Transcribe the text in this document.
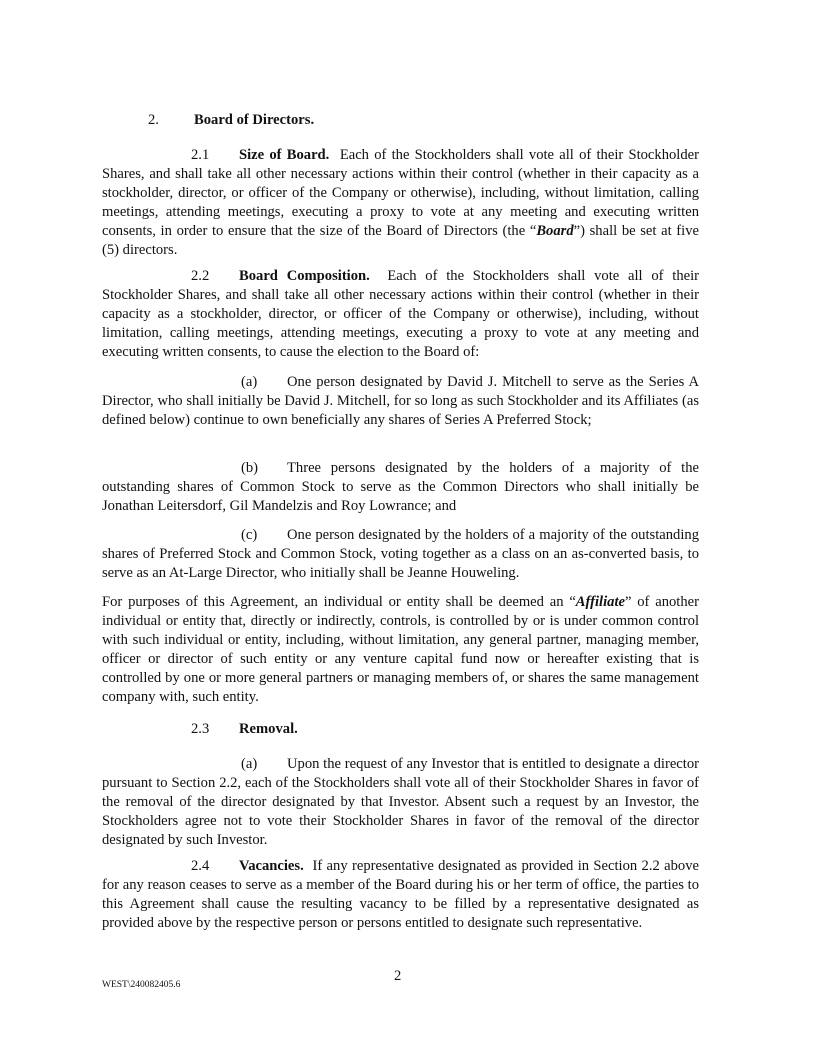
2. Board of Directors.

2.1 Size of Board. Each of the Stockholders shall vote all of their Stockholder Shares, and shall take all other necessary actions within their control (whether in their capacity as a stockholder, director, or officer of the Company or otherwise), including, without limitation, calling meetings, attending meetings, executing a proxy to vote at any meeting and executing written consents, in order to ensure that the size of the Board of Directors (the “Board”) shall be set at five (5) directors.

2.2 Board Composition. Each of the Stockholders shall vote all of their Stockholder Shares, and shall take all other necessary actions within their control (whether in their capacity as a stockholder, director, or officer of the Company or otherwise), including, without limitation, calling meetings, attending meetings, executing a proxy to vote at any meeting and executing written consents, to cause the election to the Board of:

(a) One person designated by David J. Mitchell to serve as the Series A Director, who shall initially be David J. Mitchell, for so long as such Stockholder and its Affiliates (as defined below) continue to own beneficially any shares of Series A Preferred Stock;

(b) Three persons designated by the holders of a majority of the outstanding shares of Common Stock to serve as the Common Directors who shall initially be Jonathan Leitersdorf, Gil Mandelzis and Roy Lowrance; and

(c) One person designated by the holders of a majority of the outstanding shares of Preferred Stock and Common Stock, voting together as a class on an as-converted basis, to serve as an At-Large Director, who initially shall be Jeanne Houweling.

For purposes of this Agreement, an individual or entity shall be deemed an “Affiliate” of another individual or entity that, directly or indirectly, controls, is controlled by or is under common control with such individual or entity, including, without limitation, any general partner, managing member, officer or director of such entity or any venture capital fund now or hereafter existing that is controlled by one or more general partners or managing members of, or shares the same management company with, such entity.

2.3 Removal.

(a) Upon the request of any Investor that is entitled to designate a director pursuant to Section 2.2, each of the Stockholders shall vote all of their Stockholder Shares in favor of the removal of the director designated by that Investor. Absent such a request by an Investor, the Stockholders agree not to vote their Stockholder Shares in favor of the removal of the director designated by such Investor.

2.4 Vacancies. If any representative designated as provided in Section 2.2 above for any reason ceases to serve as a member of the Board during his or her term of office, the parties to this Agreement shall cause the resulting vacancy to be filled by a representative designated as provided above by the respective person or persons entitled to designate such representative.

2
WEST\240082405.6
